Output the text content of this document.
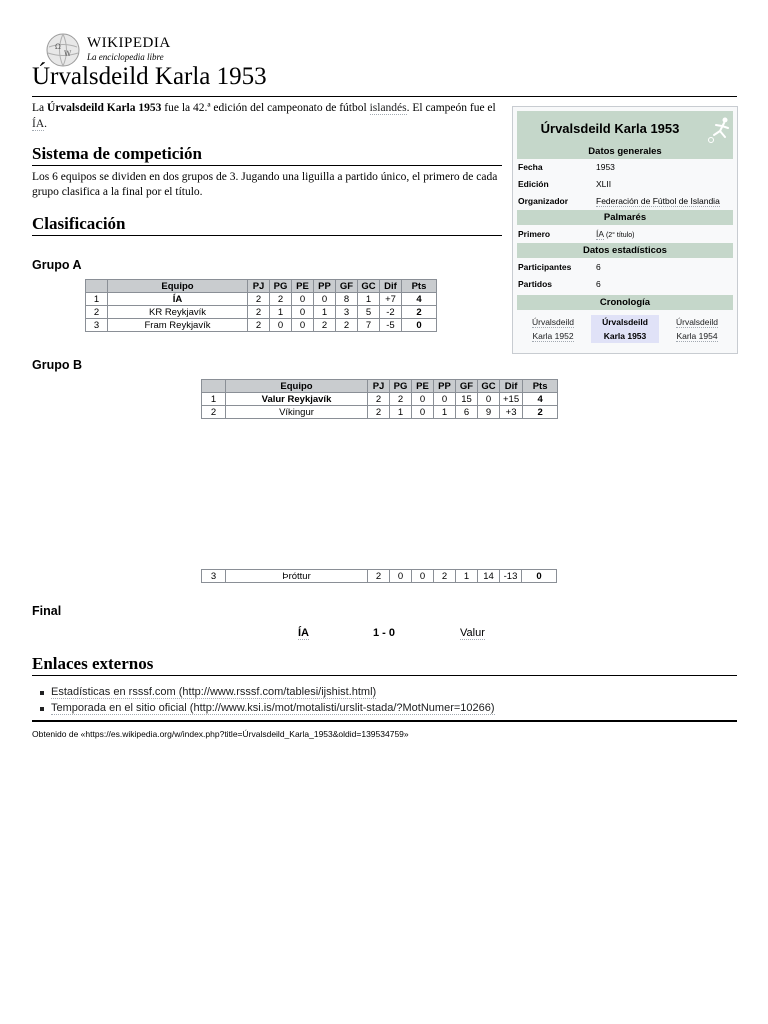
Ω
W
WIKIPEDIA
La enciclopedia libre
Úrvalsdeild Karla 1953
La Úrvalsdeild Karla 1953 fue la 42.ª edición del campeonato de fútbol islandés. El campeón fue el ÍA.
Sistema de competición
Los 6 equipos se dividen en dos grupos de 3. Jugando una liguilla a partido único, el primero de cada grupo clasifica a la final por el título.
Clasificación
Grupo A
	Equipo	PJ	PG	PE	PP	GF	GC	Dif	Pts
1	ÍA	2	2	0	0	8	1	+7	4
2	KR Reykjavík	2	1	0	1	3	5	-2	2
3	Fram Reykjavík	2	0	0	2	2	7	-5	0
Grupo B
	Equipo	PJ	PG	PE	PP	GF	GC	Dif	Pts
1	Valur Reykjavík	2	2	0	0	15	0	+15	4
2	Víkingur	2	1	0	1	6	9	+3	2
3	Þróttur	2	0	0	2	1	14	-13	0
Final
ÍA	1 - 0	Valur
Enlaces externos
Estadísticas en rsssf.com (http://www.rsssf.com/tablesi/ijshist.html)
Temporada en el sitio oficial (http://www.ksi.is/mot/motalisti/urslit-stada/?MotNumer=10266)
Obtenido de «https://es.wikipedia.org/w/index.php?title=Úrvalsdeild_Karla_1953&oldid=139534759»
Úrvalsdeild Karla 1953
Datos generales
Fecha	1953
Edición	XLII
Organizador	Federación de Fútbol de Islandia
Palmarés
Primero	ÍA (2° título)
Datos estadísticos
Participantes	6
Partidos	6
Cronología
Úrvalsdeild
Karla 1952
Úrvalsdeild
Karla 1953
Úrvalsdeild
Karla 1954
